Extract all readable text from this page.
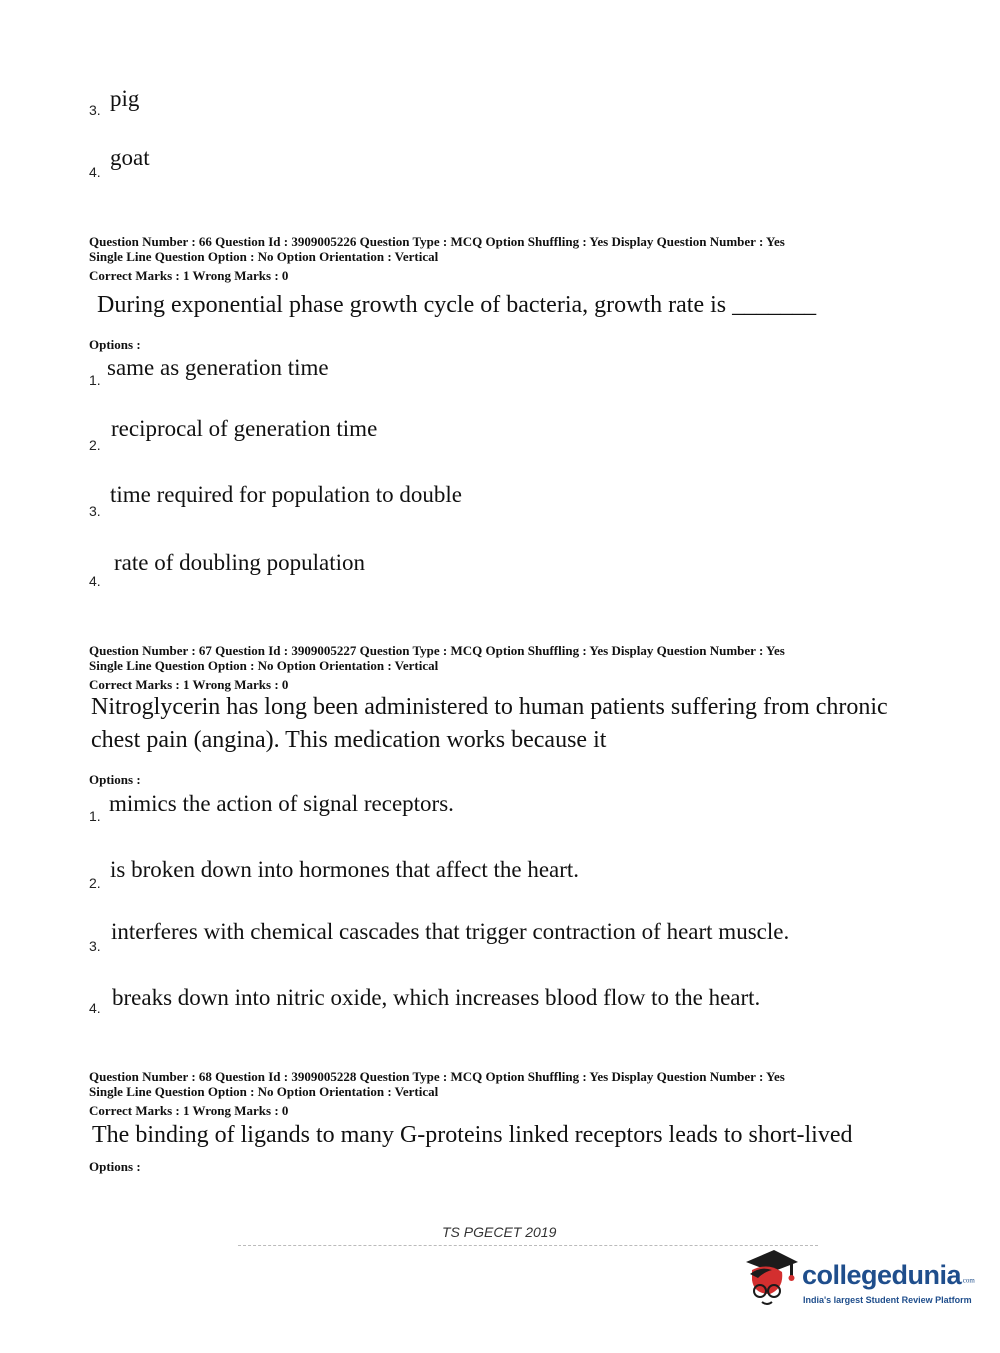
3. pig
4.
goat
Question Number : 66 Question Id : 3909005226 Question Type : MCQ Option Shuffling : Yes Display Question Number : Yes
Single Line Question Option : No Option Orientation : Vertical
Correct Marks : 1 Wrong Marks : 0
During exponential phase growth cycle of bacteria, growth rate is _______
Options :
1. same as generation time
2.
reciprocal of generation time
3.
time required for population to double
4.
rate of doubling population
Question Number : 67 Question Id : 3909005227 Question Type : MCQ Option Shuffling : Yes Display Question Number : Yes
Single Line Question Option : No Option Orientation : Vertical
Correct Marks : 1 Wrong Marks : 0
Nitroglycerin has long been administered to human patients suffering from chronic chest pain (angina). This medication works because it
Options :
1. mimics the action of signal receptors.
2.
is broken down into hormones that affect the heart.
3.
interferes with chemical cascades that trigger contraction of heart muscle.
4. breaks down into nitric oxide, which increases blood flow to the heart.
Question Number : 68 Question Id : 3909005228 Question Type : MCQ Option Shuffling : Yes Display Question Number : Yes
Single Line Question Option : No Option Orientation : Vertical
Correct Marks : 1 Wrong Marks : 0
The binding of ligands to many G-proteins linked receptors leads to short-lived
Options :
TS PGECET 2019
collegedunia.com
India's largest Student Review Platform
